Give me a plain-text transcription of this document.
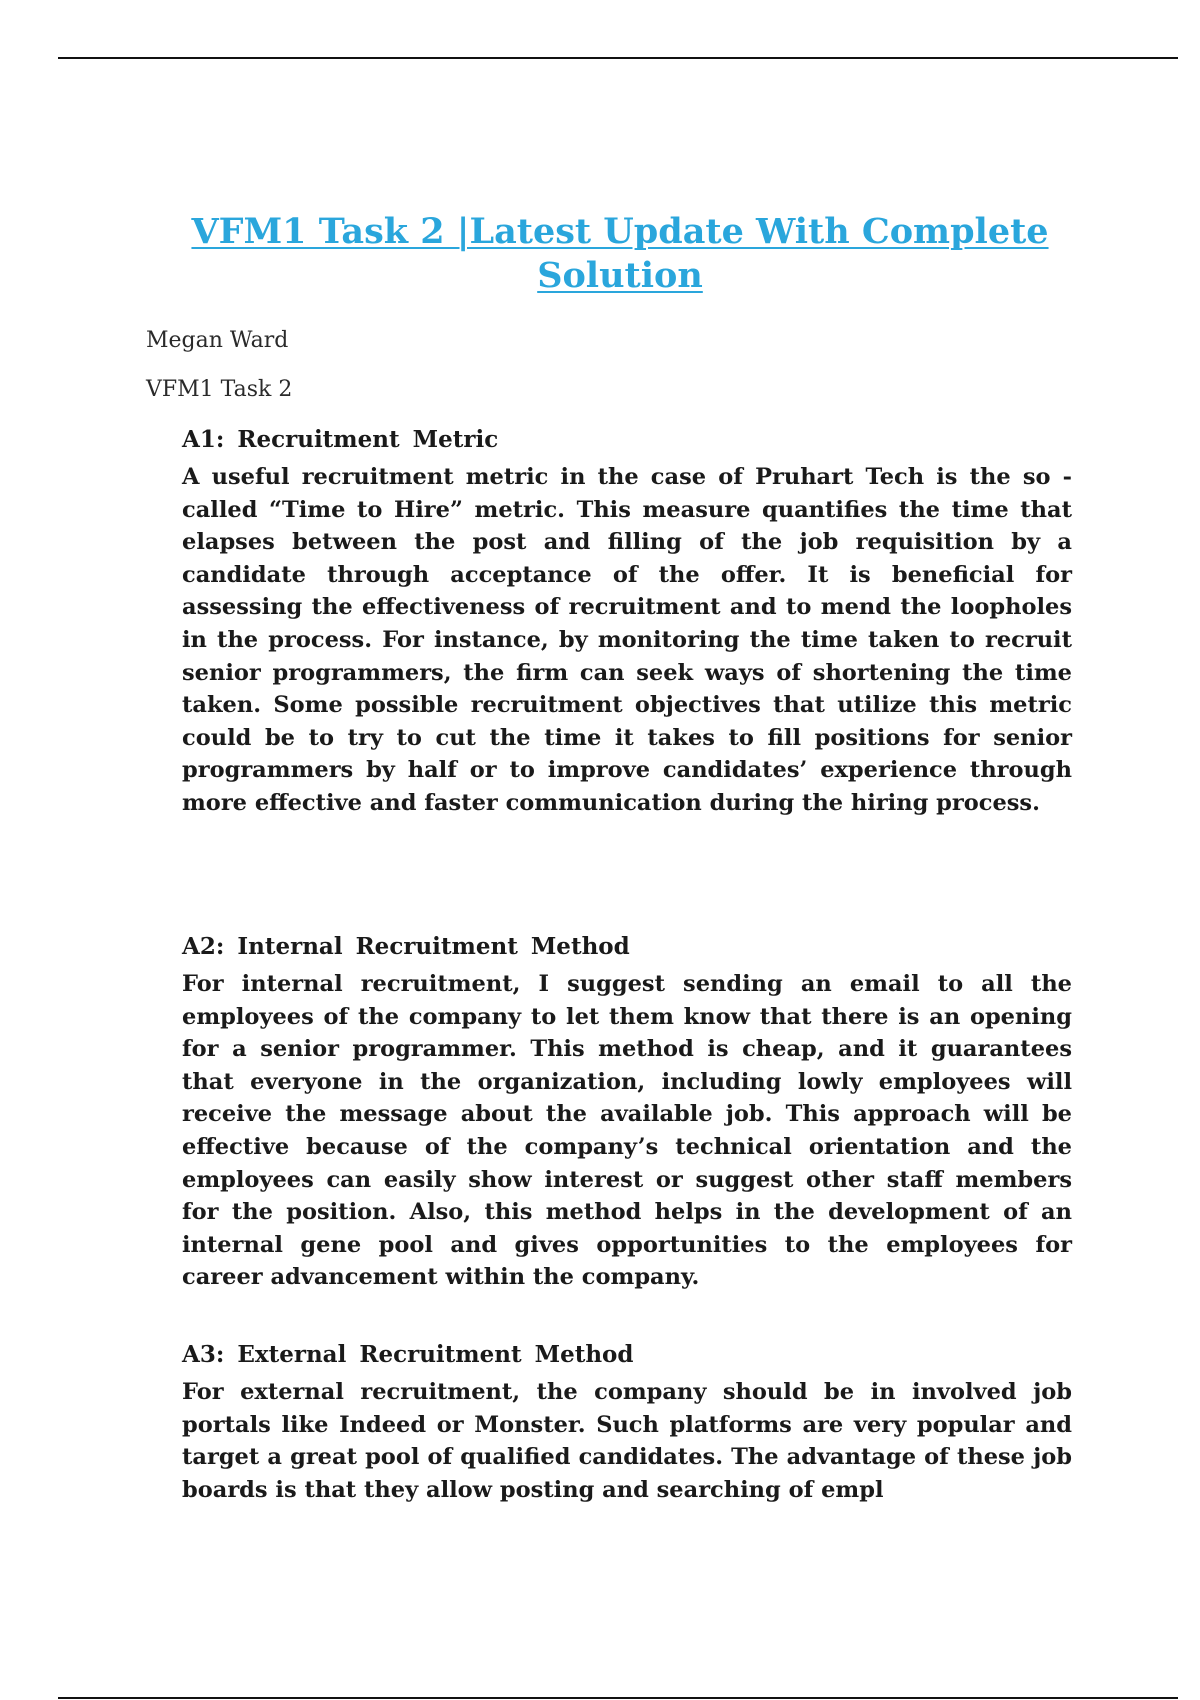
VFM1 Task 2 |Latest Update With Complete Solution
Megan Ward
VFM1 Task 2
A1: Recruitment Metric

A useful recruitment metric in the case of Pruhart Tech is the so - called “Time to Hire” metric. This measure quantifies the time that elapses between the post and filling of the job requisition by a candidate through acceptance of the offer. It is beneficial for assessing the effectiveness of recruitment and to mend the loopholes in the process. For instance, by monitoring the time taken to recruit senior programmers, the firm can seek ways of shortening the time taken. Some possible recruitment objectives that utilize this metric could be to try to cut the time it takes to fill positions for senior programmers by half or to improve candidates’ experience through more effective and faster communication during the hiring process.

A2: Internal Recruitment Method

For internal recruitment, I suggest sending an email to all the employees of the company to let them know that there is an opening for a senior programmer. This method is cheap, and it guarantees that everyone in the organization, including lowly employees will receive the message about the available job. This approach will be effective because of the company’s technical orientation and the employees can easily show interest or suggest other staff members for the position. Also, this method helps in the development of an internal gene pool and gives opportunities to the employees for career advancement within the company.

A3: External Recruitment Method

For external recruitment, the company should be in involved job portals like Indeed or Monster. Such platforms are very popular and target a great pool of qualified candidates. The advantage of these job boards is that they allow posting and searching of empl
